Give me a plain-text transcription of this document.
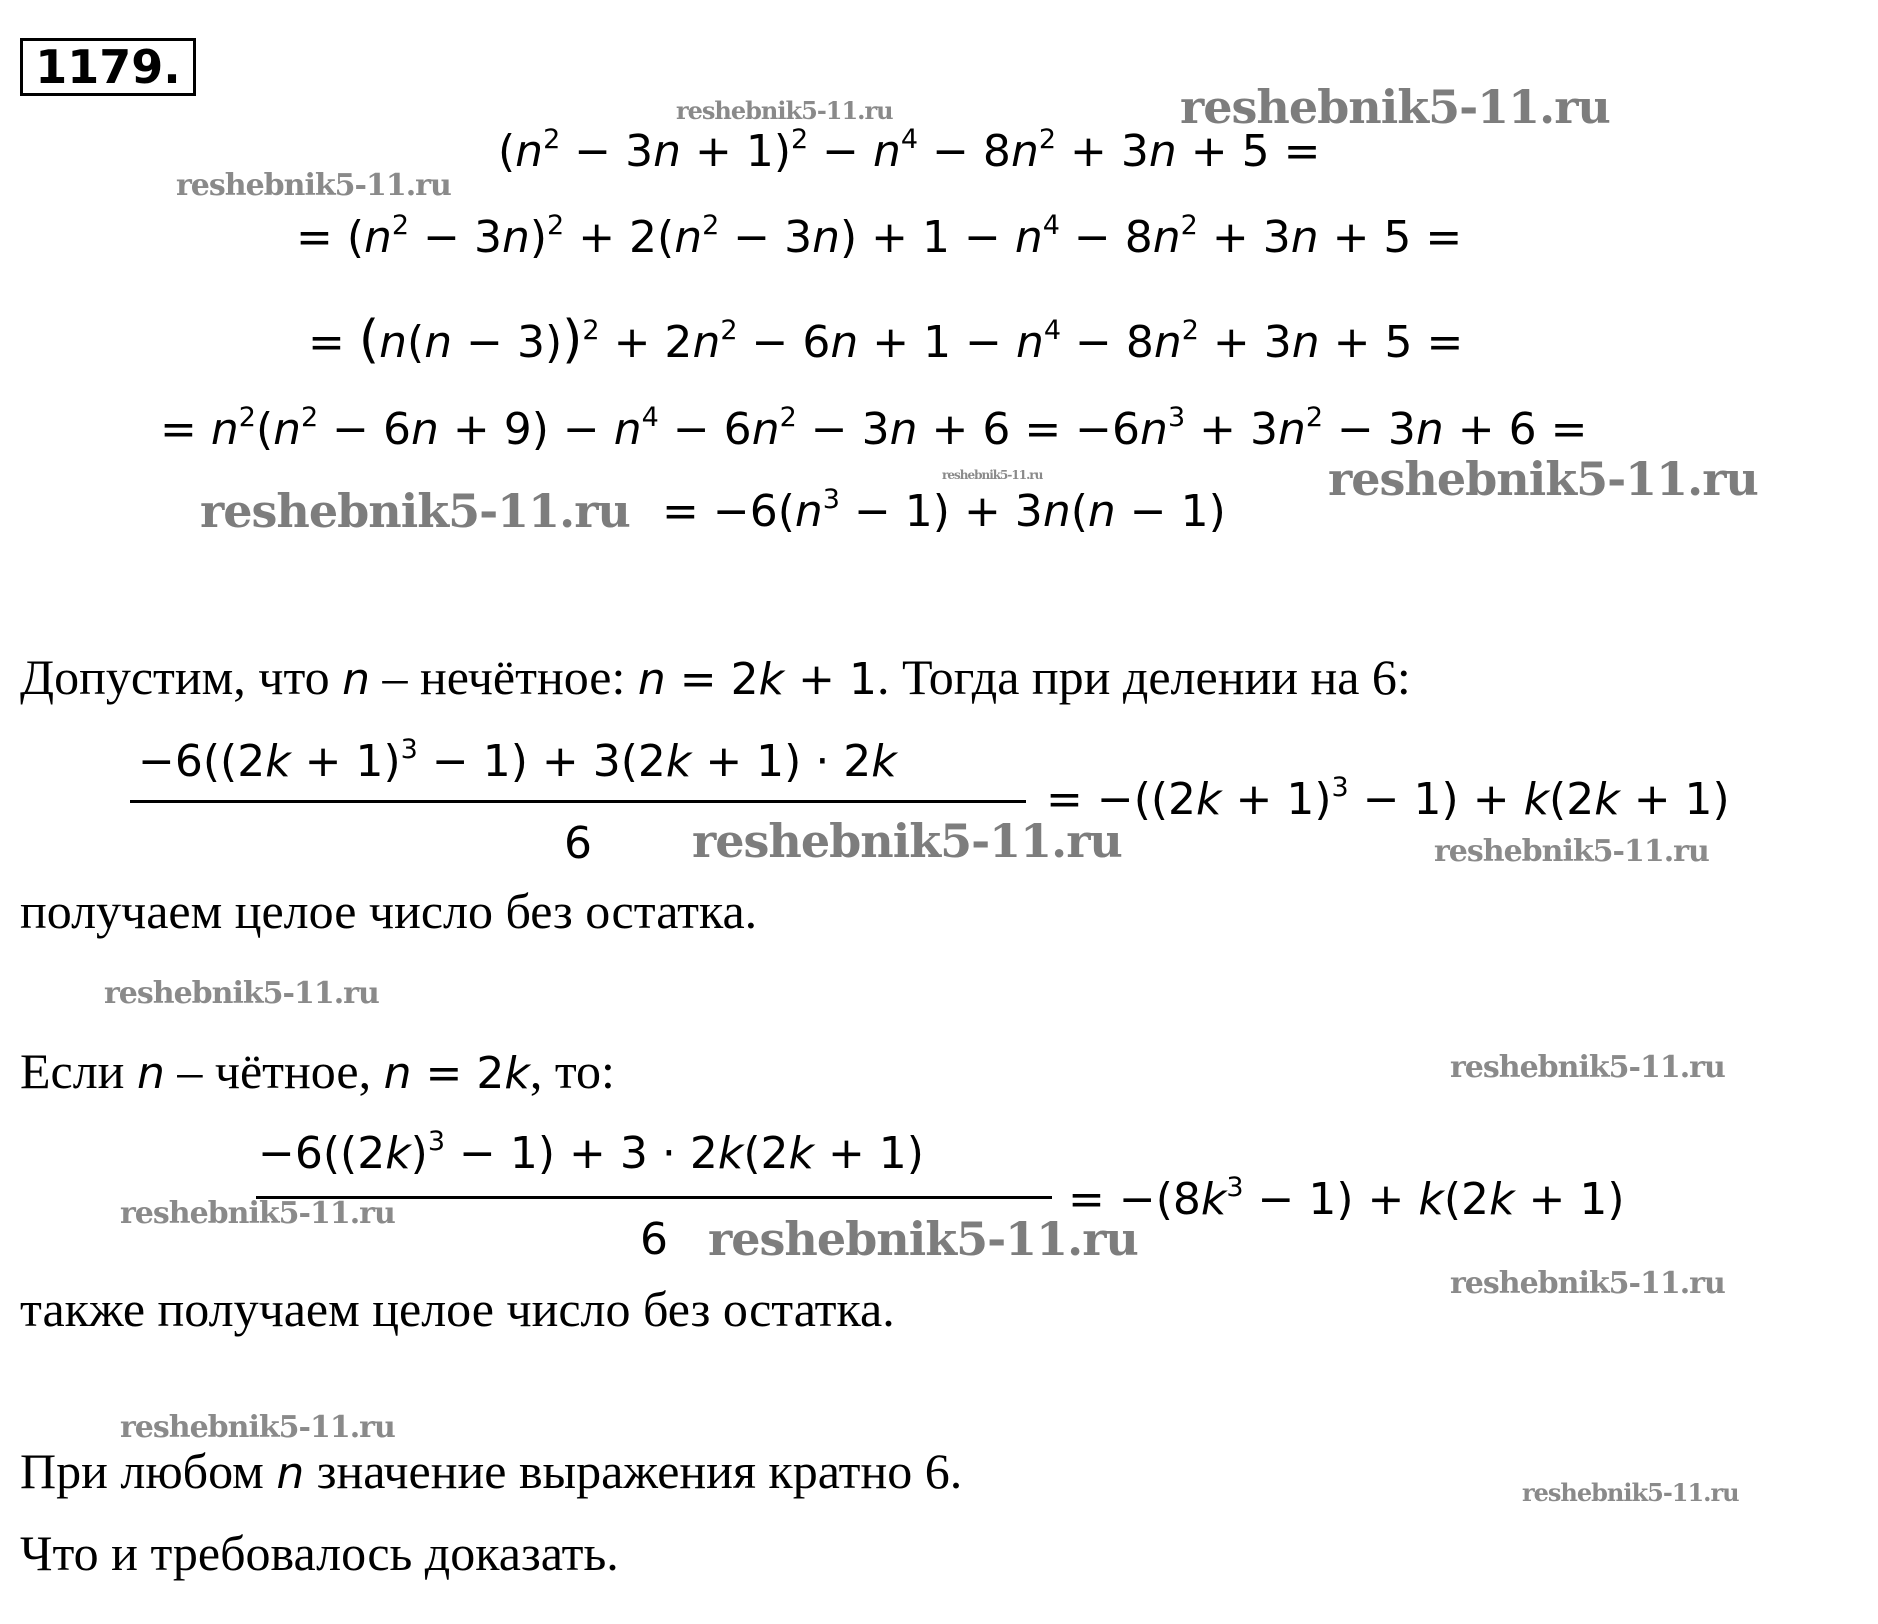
1179.
$(n^2 - 3n + 1)^2 - n^4 - 8n^2 + 3n + 5$ =
= $(n^2 - 3n)^2 + 2(n^2 - 3n) + 1 - n^4 - 8n^2 + 3n + 5$ =
= $(n(n - 3))^2 + 2n^2 - 6n + 1 - n^4 - 8n^2 + 3n + 5$ =
= $n^2(n^2 - 6n + 9) - n^4 - 6n^2 - 3n + 6 = -6n^3 + 3n^2 - 3n + 6$ =
= $-6(n^3 - 1) + 3n(n - 1)$
Допустим, что n – нечётное: n = 2k + 1. Тогда при делении на 6:
$-6((2k + 1)^3 - 1) + 3(2k + 1) \cdot 2k$
6
= $-((2k + 1)^3 - 1) + k(2k + 1)$
получаем целое число без остатка.
Если n – чётное, n = 2k, то:
$-6((2k)^3 - 1) + 3 \cdot 2k(2k + 1)$
6
= $-(8k^3 - 1) + k(2k + 1)$
также получаем целое число без остатка.
При любом n значение выражения кратно 6.
Что и требовалось доказать.
reshebnik5-11.ru	reshebnik5-11.ru
reshebnik5-11.ru
reshebnik5-11.ru	reshebnik5-11.ru
reshebnik5-11.ru
reshebnik5-11.ru	reshebnik5-11.ru
reshebnik5-11.ru
reshebnik5-11.ru
reshebnik5-11.ru	reshebnik5-11.ru
reshebnik5-11.ru
reshebnik5-11.ru
reshebnik5-11.ru
